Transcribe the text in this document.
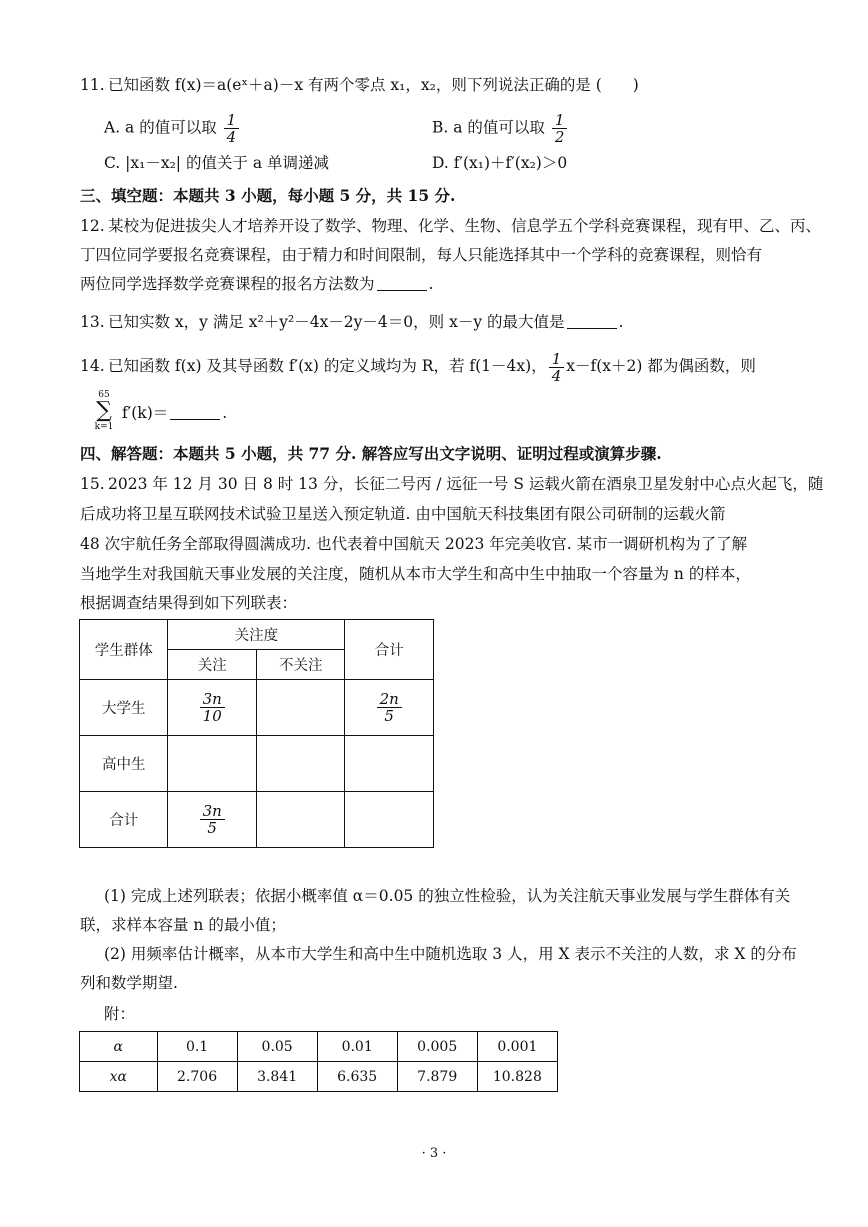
11. 已知函数 f(x)＝a(eˣ＋a)－x 有两个零点 x₁，x₂，则下列说法正确的是 (　　)
A. a 的值可以取 $\frac{1}{4}$	B. a 的值可以取 $\frac{1}{2}$
C. |x₁－x₂| 的值关于 a 单调递减	D. f′(x₁)＋f′(x₂)＞0
三、填空题：本题共 3 小题，每小题 5 分，共 15 分.
12. 某校为促进拔尖人才培养开设了数学、物理、化学、生物、信息学五个学科竞赛课程，现有甲、乙、丙、
丁四位同学要报名竞赛课程，由于精力和时间限制，每人只能选择其中一个学科的竞赛课程，则恰有
两位同学选择数学竞赛课程的报名方法数为	.
13. 已知实数 x，y 满足 x²＋y²－4x－2y－4＝0，则 x－y 的最大值是	.
14. 已知函数 f(x) 及其导函数 f′(x) 的定义域均为 R，若 f(1－4x)， $\frac{1}{4} x-f(x+2)$ 都为偶函数，则
65
∑
k=1
f′(k)＝	.
四、解答题：本题共 5 小题，共 77 分. 解答应写出文字说明、证明过程或演算步骤.
15. 2023 年 12 月 30 日 8 时 13 分，长征二号丙 / 远征一号 S 运载火箭在酒泉卫星发射中心点火起飞，随
后成功将卫星互联网技术试验卫星送入预定轨道. 由中国航天科技集团有限公司研制的运载火箭
48 次宇航任务全部取得圆满成功. 也代表着中国航天 2023 年完美收官. 某市一调研机构为了了解
当地学生对我国航天事业发展的关注度，随机从本市大学生和高中生中抽取一个容量为 n 的样本，
根据调查结果得到如下列联表：
学生群体	关注度		合计
	关注	不关注	
大学生	$\frac{3n}{10}$		$\frac{2n}{5}$

高中生			
合计	$\frac{3n}{5}$

(1) 完成上述列联表；依据小概率值 α＝0.05 的独立性检验，认为关注航天事业发展与学生群体有关
联，求样本容量 n 的最小值；
(2) 用频率估计概率，从本市大学生和高中生中随机选取 3 人，用 X 表示不关注的人数，求 X 的分布
列和数学期望.
附：
α	0.1	0.05	0.01	0.005	0.001
xα	2.706	3.841	6.635	7.879	10.828
· 3 ·
